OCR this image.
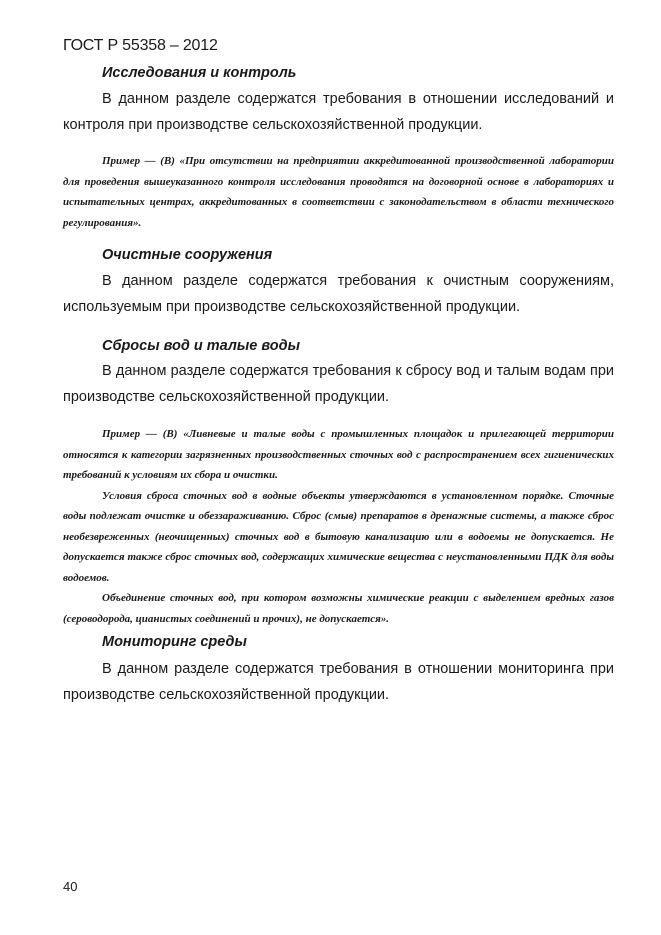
ГОСТ Р 55358 – 2012
Исследования и контроль
В данном разделе содержатся требования в отношении исследований и контроля при производстве сельскохозяйственной продукции.

Пример — (В) «При отсутствии на предприятии аккредитованной производственной лаборатории для проведения вышеуказанного контроля исследования проводятся на договорной основе в лабораториях и испытательных центрах, аккредитованных в соответствии с законодательством в области технического регулирования».

Очистные сооружения
В данном разделе содержатся требования к очистным сооружениям, используемым при производстве сельскохозяйственной продукции.
Сбросы вод и талые воды
В данном разделе содержатся требования к сбросу вод и талым водам при производстве сельскохозяйственной продукции.

Пример — (В) «Ливневые и талые воды с промышленных площадок и прилегающей территории относятся к категории загрязненных производственных сточных вод с распространением всех гигиенических требований к условиям их сбора и очистки.

Условия сброса сточных вод в водные объекты утверждаются в установленном порядке. Сточные воды подлежат очистке и обеззараживанию. Сброс (смыв) препаратов в дренажные системы, а также сброс необезвреженных (неочищенных) сточных вод в бытовую канализацию или в водоемы не допускается. Не допускается также сброс сточных вод, содержащих химические вещества с неустановленными ПДК для воды водоемов.

Объединение сточных вод, при котором возможны химические реакции с выделением вредных газов (сероводорода, цианистых соединений и прочих), не допускается».

Мониторинг среды
В данном разделе содержатся требования в отношении мониторинга при производстве сельскохозяйственной продукции.
40
